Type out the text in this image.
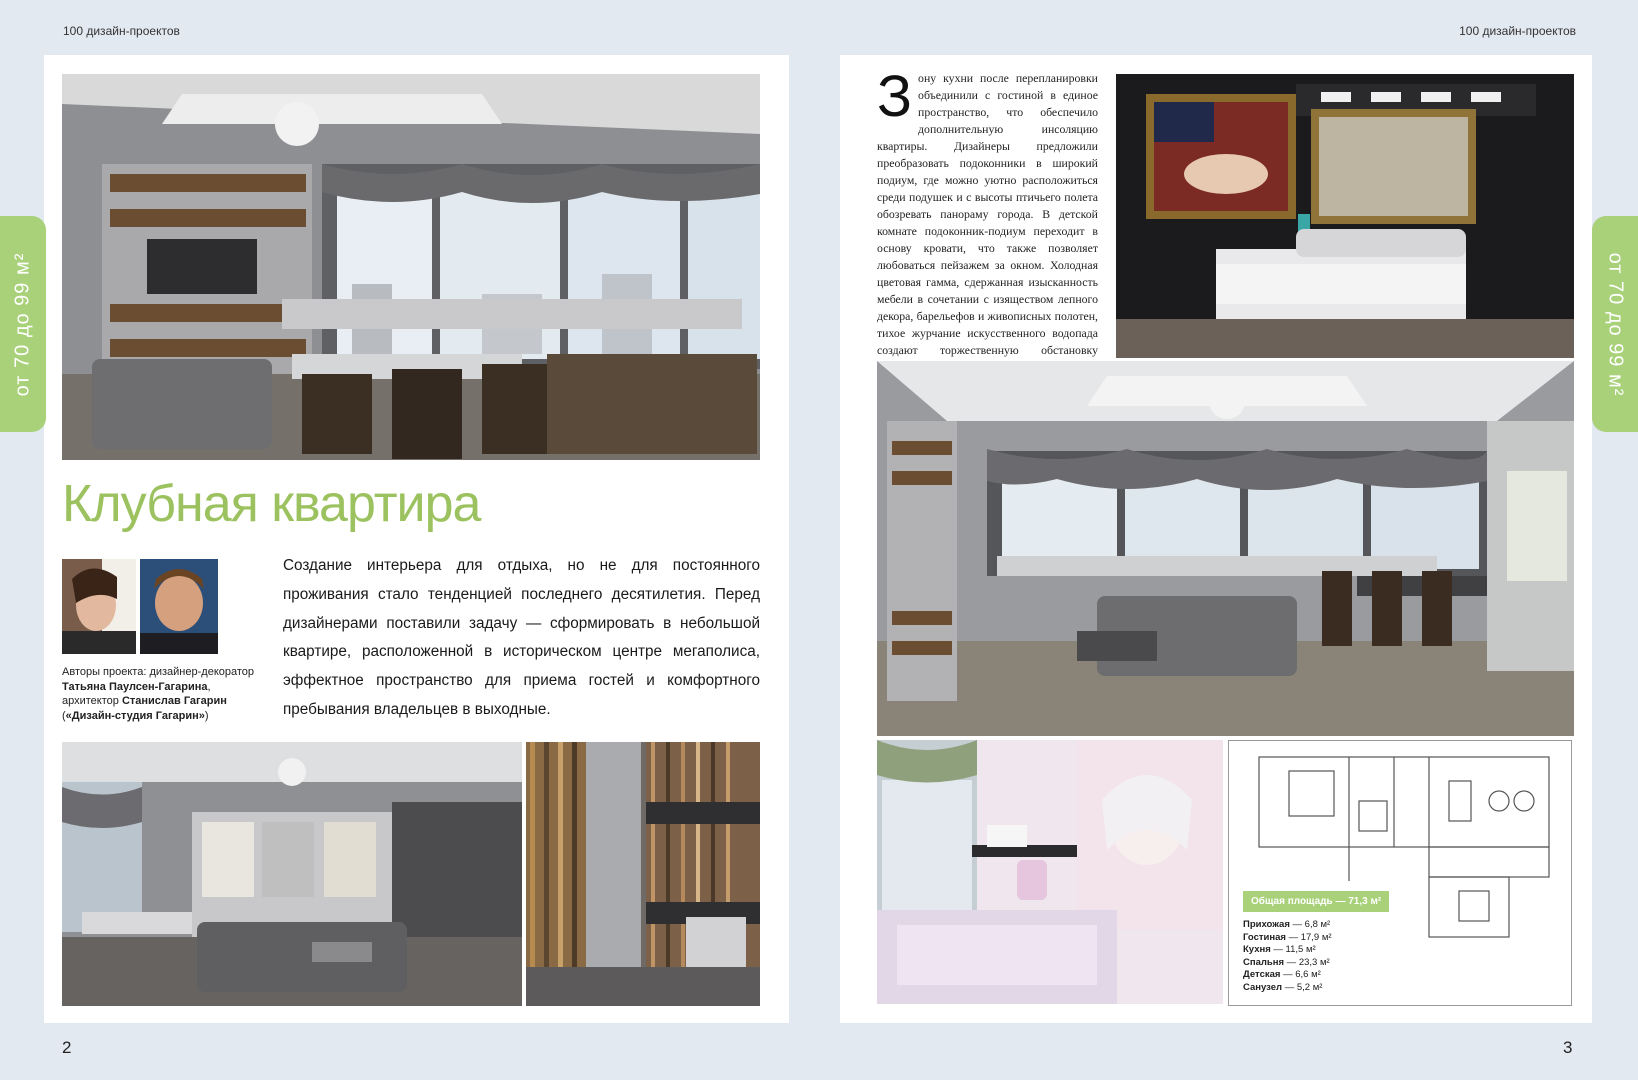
100 дизайн-проектов	100 дизайн-проектов
от 70 до 99 м²	от 70 до 99 м²
Клубная квартира
Авторы проекта: дизайнер-декоратор
Татьяна Паулсен-Гагарина,
архитектор Станислав Гагарин
(«Дизайн-студия Гагарин»)

Создание интерьера для отдыха, но не для постоянного проживания стало тенденцией последнего десятилетия. Перед дизайнерами поставили задачу — сформировать в небольшой квартире, расположенной в историческом центре мегаполиса, эффектное пространство для приема гостей и комфортного пребывания владельцев в выходные.

Зону кухни после перепланировки объединили с гостиной в единое пространство, что обеспечило дополнительную инсоляцию квартиры. Дизайнеры предложили преобразовать подоконники в широкий подиум, где можно уютно расположиться среди подушек и с высоты птичьего полета обозревать панораму города. В детской комнате подоконник-подиум переходит в основу кровати, что также позволяет любоваться пейзажем за окном. Холодная цветовая гамма, сдержанная изысканность мебели в сочетании с изяществом лепного декора, барельефов и живописных полотен, тихое журчание искусственного водопада создают торжественную обстановку

Общая площадь — 71,3 м²
Прихожая — 6,8 м²
Гостиная — 17,9 м²
Кухня — 11,5 м²
Спальня — 23,3 м²
Детская — 6,6 м²
Санузел — 5,2 м²
2	3
